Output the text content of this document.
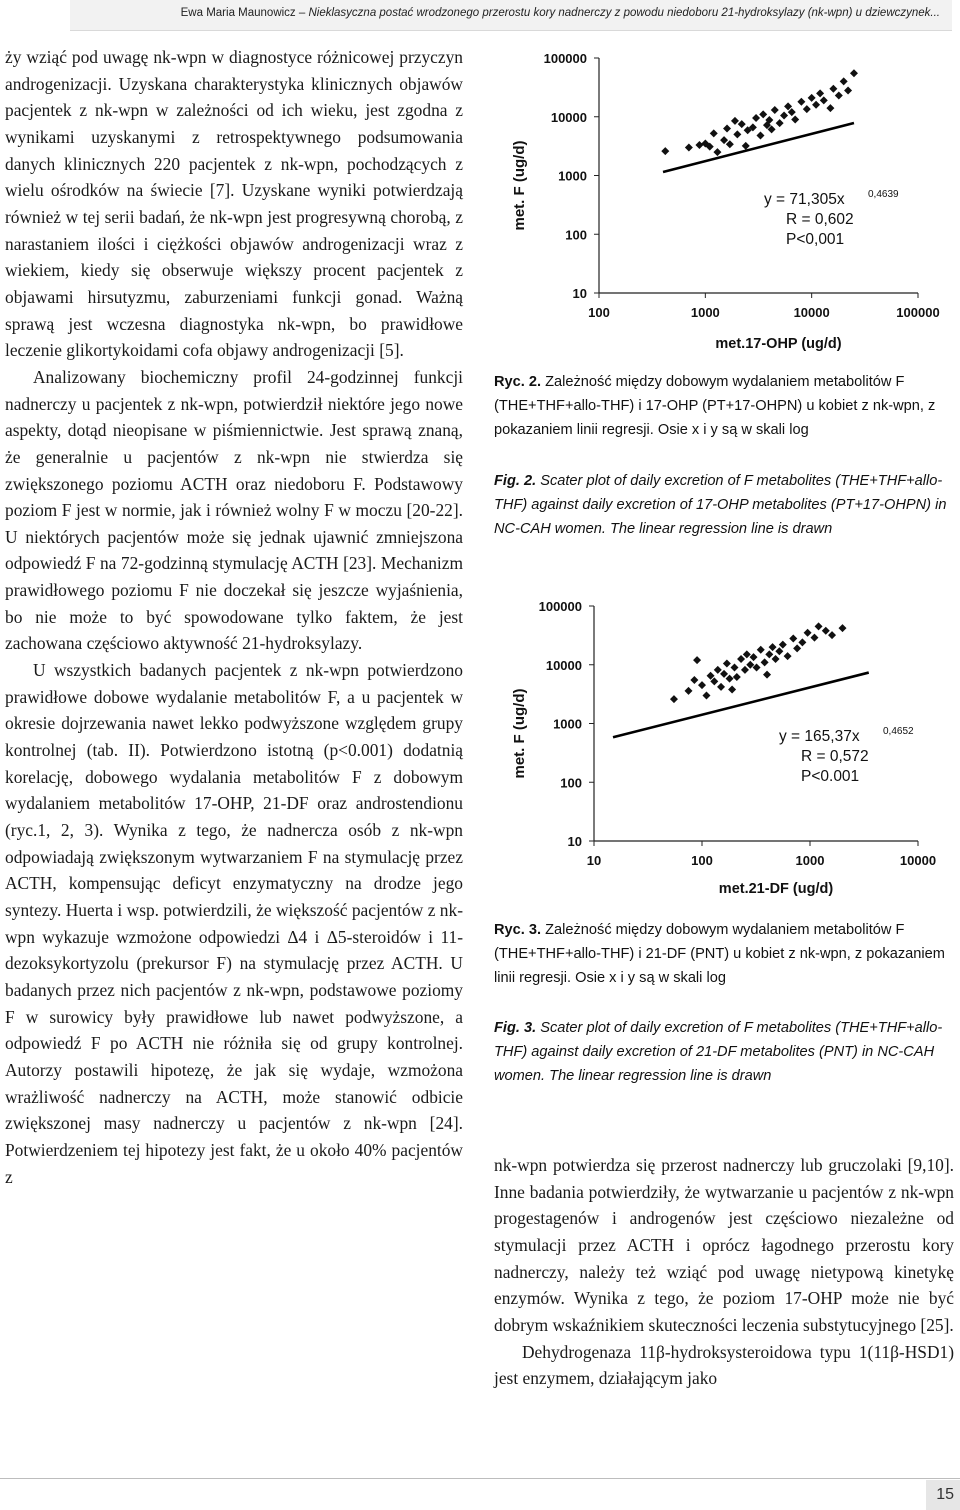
Ewa Maria Maunowicz – Nieklasyczna postać wrodzonego przerostu kory nadnerczy z powodu niedoboru 21-hydroksylazy (nk-wpn) u dziewczynek...

ży wziąć pod uwagę nk-wpn w diagnostyce różnicowej przyczyn androgenizacji. Uzyskana charakterystyka klinicznych objawów pacjentek z nk-wpn w zależności od ich wieku, jest zgodna z wynikami uzyskanymi z retrospektywnego podsumowania danych klinicznych 220 pacjentek z nk-wpn, pochodzących z wielu ośrodków na świecie [7]. Uzyskane wyniki potwierdzają również w tej serii badań, że nk-wpn jest progresywną chorobą, z narastaniem ilości i ciężkości objawów androgenizacji wraz z wiekiem, kiedy się obserwuje większy procent pacjentek z objawami hirsutyzmu, zaburzeniami funkcji gonad. Ważną sprawą jest wczesna diagnostyka nk-wpn, bo prawidłowe leczenie glikortykoidami cofa objawy androgenizacji [5].

Analizowany biochemiczny profil 24-godzinnej funkcji nadnerczy u pacjentek z nk-wpn, potwierdził niektóre jego nowe aspekty, dotąd nieopisane w piśmiennictwie. Jest sprawą znaną, że generalnie u pacjentów z nk-wpn nie stwierdza się zwiększonego poziomu ACTH oraz niedoboru F. Podstawowy poziom F jest w normie, jak i również wolny F w moczu [20-22]. U niektórych pacjentów może się jednak ujawnić zmniejszona odpowiedź F na 72-godzinną stymulację ACTH [23]. Mechanizm prawidłowego poziomu F nie doczekał się jeszcze wyjaśnienia, bo nie może to być spowodowane tylko faktem, że jest zachowana częściowo aktywność 21-hydroksylazy.

U wszystkich badanych pacjentek z nk-wpn potwierdzono prawidłowe dobowe wydalanie metabolitów F, a u pacjentek w okresie dojrzewania nawet lekko podwyższone względem grupy kontrolnej (tab. II). Potwierdzono istotną (p<0.001) dodatnią korelację, dobowego wydalania metabolitów F z dobowym wydalaniem metabolitów 17-OHP, 21-DF oraz androstendionu (ryc.1, 2, 3). Wynika z tego, że nadnercza osób z nk-wpn odpowiadają zwiększonym wytwarzaniem F na stymulację przez ACTH, kompensując deficyt enzymatyczny na drodze jego syntezy. Huerta i wsp. potwierdzili, że większość pacjentów z nk-wpn wykazuje wzmożone odpowiedzi Δ4 i Δ5-steroidów i 11-dezoksykortyzolu (prekursor F) na stymulację przez ACTH. U badanych przez nich pacjentów z nk-wpn, podstawowe poziomy F w surowicy były prawidłowe lub nawet podwyższone, a odpowiedź F po ACTH nie różniła się od grupy kontrolnej. Autorzy postawili hipotezę, że jak się wydaje, wzmożona wrażliwość nadnerczy na ACTH, może stanowić odbicie zwiększonej masy nadnerczy u pacjentów z nk-wpn [24]. Potwierdzeniem tej hipotezy jest fakt, że u około 40% pacjentów z

10
100
1000
10000
100000
100	1000	10000	100000
met.17-OHP (ug/d)
met. F (ug/d)	y = 71,305x 0,4639
R = 0,602
P<0,001
Ryc. 2. Zależność między dobowym wydalaniem metabolitów F (THE+THF+allo-THF) i 17-OHP (PT+17-OHPN) u kobiet z nk-wpn, z pokazaniem linii regresji. Osie x i y są w skali log
Fig. 2. Scater plot of daily excretion of F metabolites (THE+THF+allo-THF) against daily excretion of 17-OHP metabolites (PT+17-OHPN) in NC-CAH women. The linear regression line is drawn
10
100
1000
10000
100000
10	100	1000	10000
met.21-DF (ug/d)
met. F (ug/d)	y = 165,37x 0,4652
R = 0,572
P<0.001
Ryc. 3. Zależność między dobowym wydalaniem metabolitów F (THE+THF+allo-THF) i 21-DF (PNT) u kobiet z nk-wpn, z pokazaniem linii regresji. Osie x i y są w skali log
Fig. 3. Scater plot of daily excretion of F metabolites (THE+THF+allo-THF) against daily excretion of 21-DF metabolites (PNT) in NC-CAH women. The linear regression line is drawn

nk-wpn potwierdza się przerost nadnerczy lub gruczolaki [9,10]. Inne badania potwierdziły, że wytwarzanie u pacjentów z nk-wpn progestagenów i androgenów jest częściowo niezależne od stymulacji przez ACTH i oprócz łagodnego przerostu kory nadnerczy, należy też wziąć pod uwagę nietypową kinetykę enzymów. Wynika z tego, że poziom 17-OHP może nie być dobrym wskaźnikiem skuteczności leczenia substytucyjnego [25].

Dehydrogenaza 11β-hydroksysteroidowa typu 1(11β-HSD1) jest enzymem, działającym jako

15
